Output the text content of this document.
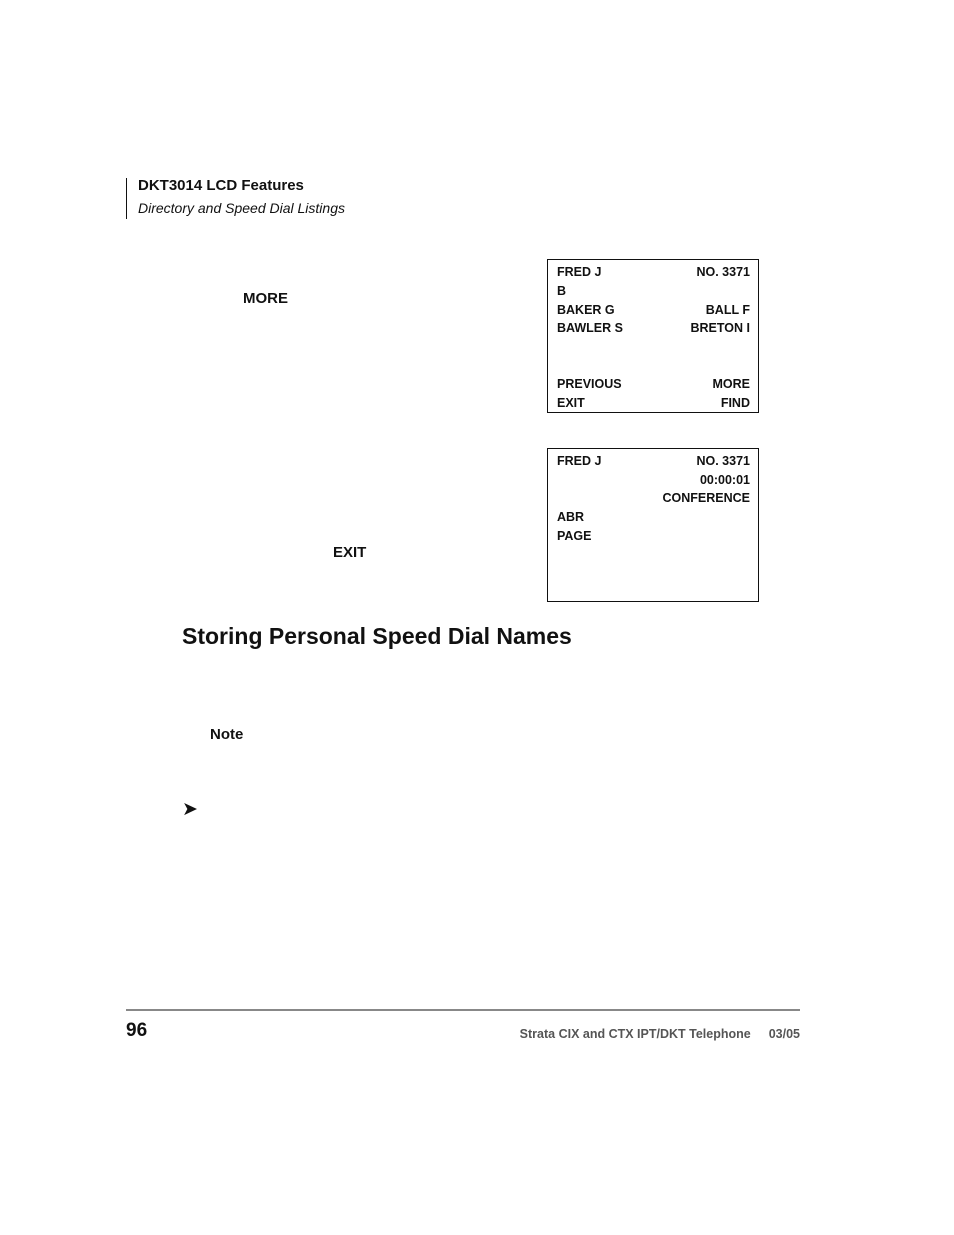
DKT3014 LCD Features
Directory and Speed Dial Listings
MORE
FRED J	NO. 3371
B
BAKER G	BALL F
BAWLER S	BRETON I
PREVIOUS	MORE
EXIT	FIND
EXIT
FRED J	NO. 3371
00:00:01
CONFERENCE
ABR
PAGE
Storing Personal Speed Dial Names
Note
➤
96	Strata CIX and CTX IPT/DKT Telephone 03/05
